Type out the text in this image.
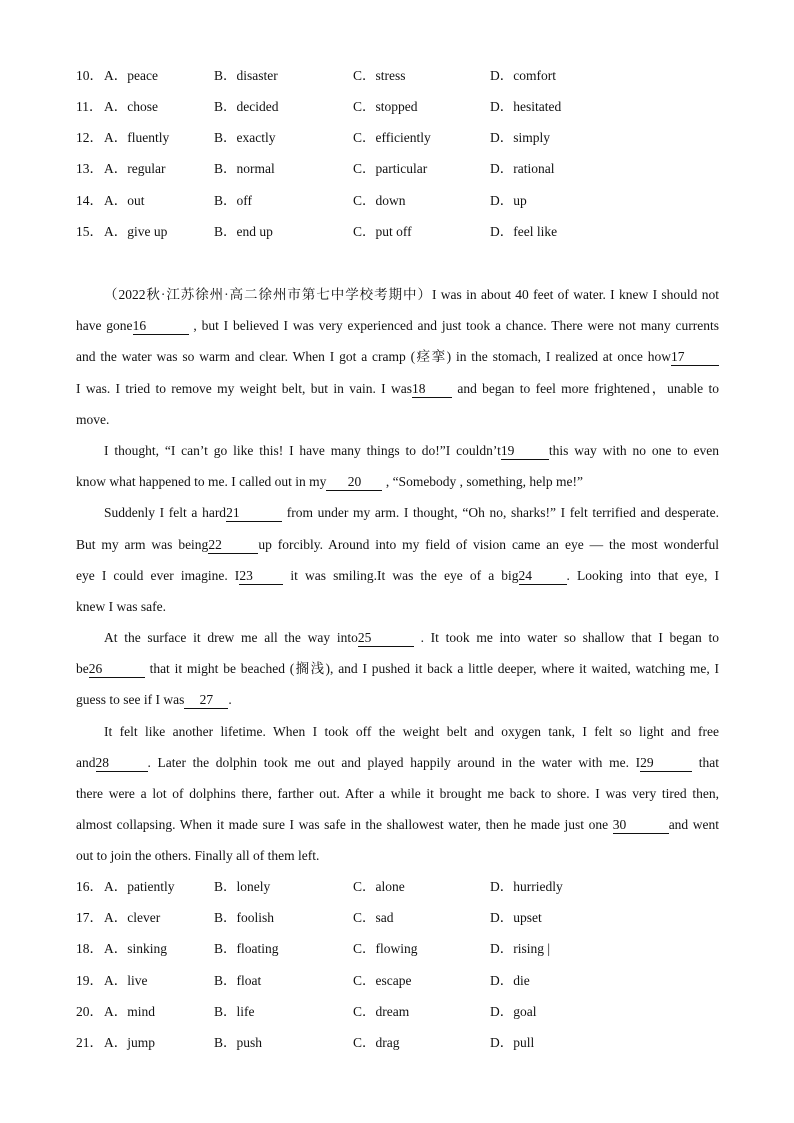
10． A．peace	B．disaster	C．stress	D．comfort
11． A．chose	B．decided	C．stopped	D．hesitated
12． A．fluently	B．exactly	C．efficiently	D．simply
13． A．regular	B．normal	C．particular	D．rational
14． A．out	B．off	C．down	D．up
15． A．give up	B．end up	C．put off	D．feel like
（2022秋·江苏徐州·高二徐州市第七中学校考期中）I was in about 40 feet of water. I knew I should not
have gone16	, but I believed I was very experienced and just took a chance. There were not many currents
and the water was so warm and clear. When I got a cramp (痉挛) in the stomach, I realized at once how17
I was. I tried to remove my weight belt, but in vain. I was18 and began to feel more frightened，unable to
move.
I thought, “I can’t go like this! I have many things to do!”I couldn’t19	this way with no one to even
know what happened to me. I called out in my 20 , “Somebody , something, help me!”
Suddenly I felt a hard21	from under my arm. I thought, “Oh no, sharks!” I felt terrified and desperate.
But my arm was being22	up forcibly. Around into my field of vision came an eye — the most wonderful
eye I could ever imagine. I23	it was smiling.It was the eye of a big24	. Looking into that eye, I
knew I was safe.
At the surface it drew me all the way into25	. It took me into water so shallow that I began to
be26	that it might be beached (搁浅), and I pushed it back a little deeper, where it waited, watching me, I
guess to see if I was 27 .
It felt like another lifetime. When I took off the weight belt and oxygen tank, I felt so light and free
and28	. Later the dolphin took me out and played happily around in the water with me. I29	that
there were a lot of dolphins there, farther out. After a while it brought me back to shore. I was very tired then,
almost collapsing. When it made sure I was safe in the shallowest water, then he made just one 30	and went
out to join the others. Finally all of them left.
16． A．patiently	B．lonely	C．alone	D．hurriedly
17． A．clever	B．foolish	C．sad	D．upset
18． A．sinking	B．floating	C．flowing	D．rising |
19． A．live	B．float	C．escape	D．die
20． A．mind	B．life	C．dream	D．goal
21． A．jump	B．push	C．drag	D．pull
